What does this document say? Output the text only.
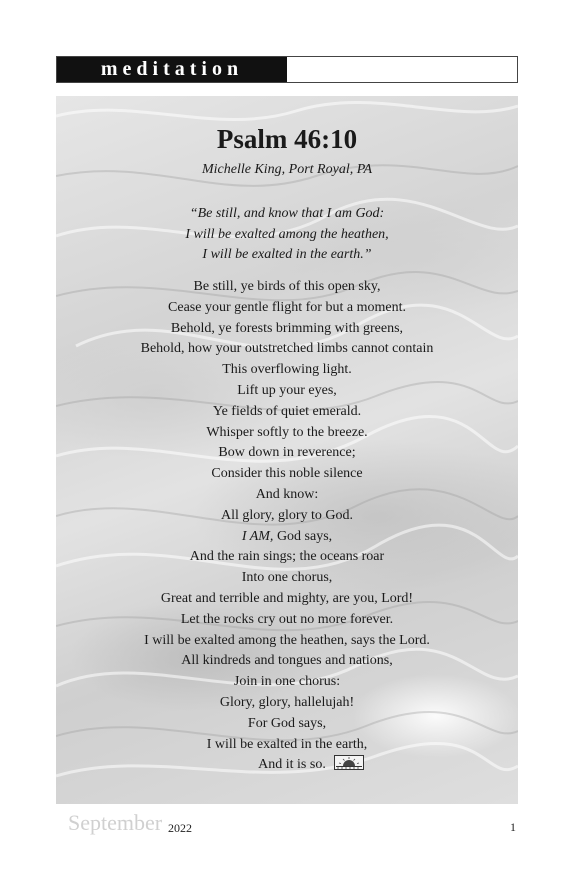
meditation
Psalm 46:10
Michelle King, Port Royal, PA
“Be still, and know that I am God:
I will be exalted among the heathen,
I will be exalted in the earth.”
Be still, ye birds of this open sky,
Cease your gentle flight for but a moment.
Behold, ye forests brimming with greens,
Behold, how your outstretched limbs cannot contain
This overflowing light.
Lift up your eyes,
Ye fields of quiet emerald.
Whisper softly to the breeze.
Bow down in reverence;
Consider this noble silence
And know:
All glory, glory to God.
I AM, God says,
And the rain sings; the oceans roar
Into one chorus,
Great and terrible and mighty, are you, Lord!
Let the rocks cry out no more forever.
I will be exalted among the heathen, says the Lord.
All kindreds and tongues and nations,
Join in one chorus:
Glory, glory, hallelujah!
For God says,
I will be exalted in the earth,
And it is so.
September 2022	1
